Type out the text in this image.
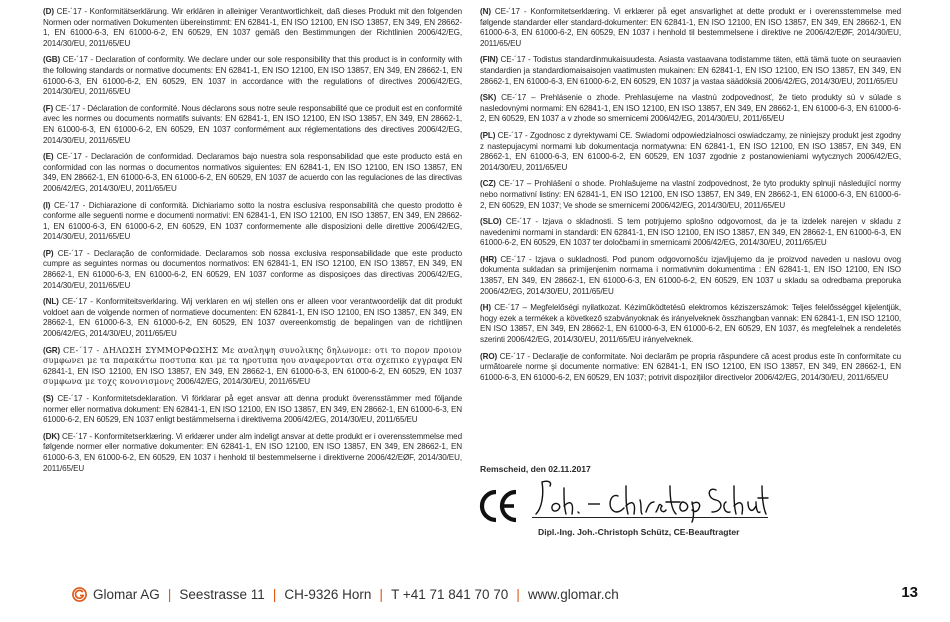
(D) CE-´17 - Konformitätserklärung. Wir erklären in alleiniger Verantwortlichkeit, daß dieses Produkt mit den folgenden Normen oder normativen Dokumenten übereinstimmt: EN 62841-1, EN ISO 12100, EN ISO 13857, EN 349, EN 28662-1, EN 61000-6-3, EN 61000-6-2, EN 60529, EN 1037 gemäß den Bestimmungen der Richtlinien 2006/42/EG, 2014/30/EU, 2011/65/EU

(GB) CE-´17 - Declaration of conformity. We declare under our sole responsibility that this product is in conformity with the following standards or normative documents: EN 62841-1, EN ISO 12100, EN ISO 13857, EN 349, EN 28662-1, EN 61000-6-3, EN 61000-6-2, EN 60529, EN 1037 in accordance with the regulations of directives 2006/42/EG, 2014/30/EU, 2011/65/EU

(F) CE-´17 - Déclaration de conformité. Nous déclarons sous notre seule responsabilité que ce produit est en conformité avec les normes ou documents normatifs suivants: EN 62841-1, EN ISO 12100, EN ISO 13857, EN 349, EN 28662-1, EN 61000-6-3, EN 61000-6-2, EN 60529, EN 1037 conformément aux réglementations des directives 2006/42/EG, 2014/30/EU, 2011/65/EU

(E) CE-´17 - Declaración de conformidad. Declaramos bajo nuestra sola responsabilidad que este producto está en conformidad con las normas o documentos normativos siguientes: EN 62841-1, EN ISO 12100, EN ISO 13857, EN 349, EN 28662-1, EN 61000-6-3, EN 61000-6-2, EN 60529, EN 1037 de acuerdo con las regulaciones de las directivas 2006/42/EG, 2014/30/EU, 2011/65/EU

(I) CE-´17 - Dichiarazione di conformità. Dichiariamo sotto la nostra esclusiva responsabilità che questo prodotto è conforme alle seguenti norme e documenti normativi: EN 62841-1, EN ISO 12100, EN ISO 13857, EN 349, EN 28662-1, EN 61000-6-3, EN 61000-6-2, EN 60529, EN 1037 conformemente alle disposizioni delle direttive 2006/42/EG, 2014/30/EU, 2011/65/EU

(P) CE-´17 - Declaração de conformidade. Declaramos sob nossa exclusiva responsabilidade que este producto cumpre as seguintes normas ou documentos normativos: EN 62841-1, EN ISO 12100, EN ISO 13857, EN 349, EN 28662-1, EN 61000-6-3, EN 61000-6-2, EN 60529, EN 1037 conforme as disposiçoes das directivas 2006/42/EG, 2014/30/EU, 2011/65/EU

(NL) CE-´17 - Konformiteitsverklaring. Wij verklaren en wij stellen ons er alleen voor verantwoordelijk dat dit produkt voldoet aan de volgende normen of normatieve documenten: EN 62841-1, EN ISO 12100, EN ISO 13857, EN 349, EN 28662-1, EN 61000-6-3, EN 61000-6-2, EN 60529, EN 1037 overeenkomstig de bepalingen van de richtlijnen 2006/42/EG, 2014/30/EU, 2011/65/EU

(GR) CE-´17 - ΔΗΛΩΣΗ ΣΥΜΜΟΡΦΩΣΗΣ Με αναληψη συνολικης δηλωνομε: οτι το πορον προιον συμφωνει με τα παρακάτω ποστυπα και με τα ηροτυπα ηου αναφερονται στα σχεπικο εγγραφα EN 62841-1, EN ISO 12100, EN ISO 13857, EN 349, EN 28662-1, EN 61000-6-3, EN 61000-6-2, EN 60529, EN 1037 συμφωνα με τοχς κονονισμονς 2006/42/EG, 2014/30/EU, 2011/65/EU

(S) CE-´17 - Konformitetsdeklaration. Vi förklarar på eget ansvar att denna produkt överensstämmer med följande normer eller normativa dokument: EN 62841-1, EN ISO 12100, EN ISO 13857, EN 349, EN 28662-1, EN 61000-6-3, EN 61000-6-2, EN 60529, EN 1037 enligt bestämmelserna i direktiverna 2006/42/EG, 2014/30/EU, 2011/65/EU

(DK) CE-´17 - Konformitetserklæring. Vi erklærer under alm indeligt ansvar at dette produkt er i overensstemmelse med følgende normer eller normative dokumenter: EN 62841-1, EN ISO 12100, EN ISO 13857, EN 349, EN 28662-1, EN 61000-6-3, EN 61000-6-2, EN 60529, EN 1037 i henhold til bestemmelserne i direktiverne 2006/42/EØF, 2014/30/EU, 2011/65/EU

(N) CE-´17 - Konformitetserklæring. Vi erklærer på eget ansvarlighet at dette produkt er i overensstemmelse med følgende standarder eller standard-dokumenter: EN 62841-1, EN ISO 12100, EN ISO 13857, EN 349, EN 28662-1, EN 61000-6-3, EN 61000-6-2, EN 60529, EN 1037 i henhold til bestemmelsene i direktive ne 2006/42/EØF, 2014/30/EU, 2011/65/EU

(FIN) CE-´17 - Todistus standardinmukaisuudesta. Asiasta vastaavana todistamme täten, että tämä tuote on seuraavien standardien ja standardiomaisaisojen vaatimusten mukainen: EN 62841-1, EN ISO 12100, EN ISO 13857, EN 349, EN 28662-1, EN 61000-6-3, EN 61000-6-2, EN 60529, EN 1037 ja vastaa säädöksiä 2006/42/EG, 2014/30/EU, 2011/65/EU

(SK) CE-´17 – Prehlásenie o zhode. Prehlasujeme na vlastnú zodpovednosť, že tieto produkty sú v súlade s nasledovnými normami: EN 62841-1, EN ISO 12100, EN ISO 13857, EN 349, EN 28662-1, EN 61000-6-3, EN 61000-6-2, EN 60529, EN 1037 a v zhode so smernicemi 2006/42/EG, 2014/30/EU, 2011/65/EU

(PL) CE-´17 - Zgodnosc z dyrektywami CE. Swiadomi odpowiedzialnosci oswiadczamy, ze niniejszy produkt jest zgodny z nastepujacymi normami lub dokumentacja normatywna: EN 62841-1, EN ISO 12100, EN ISO 13857, EN 349, EN 28662-1, EN 61000-6-3, EN 61000-6-2, EN 60529, EN 1037 zgodnie z postanowieniami wytycznych 2006/42/EG, 2014/30/EU, 2011/65/EU

(CZ) CE-´17 – Prohlášení o shode. Prohlašujeme na vlastní zodpovednost, že tyto produkty splnují následující normy nebo normativní listiny: EN 62841-1, EN ISO 12100, EN ISO 13857, EN 349, EN 28662-1, EN 61000-6-3, EN 61000-6-2, EN 60529, EN 1037; Ve shode se smernicemi 2006/42/EG, 2014/30/EU, 2011/65/EU

(SLO) CE-´17 - Izjava o skladnosti. S tem potrjujemo splošno odgovornost, da je ta izdelek narejen v skladu z navedenimi normami in standardi: EN 62841-1, EN ISO 12100, EN ISO 13857, EN 349, EN 28662-1, EN 61000-6-3, EN 61000-6-2, EN 60529, EN 1037 ter določbami in smernicami 2006/42/EG, 2014/30/EU, 2011/65/EU

(HR) CE-´17 - Izjava o sukladnosti. Pod punom odgovornošću izjavljujemo da je proizvod naveden u naslovu ovog dokumenta sukladan sa primijenjenim normama i normativnim dokumentima : EN 62841-1, EN ISO 12100, EN ISO 13857, EN 349, EN 28662-1, EN 61000-6-3, EN 61000-6-2, EN 60529, EN 1037 u skladu sa odredbama preporuka 2006/42/EG, 2014/30/EU, 2011/65/EU

(H) CE-´17 – Megfelelőségi nyilatkozat. Kézimûködtetésû elektromos kéziszerszámok: Teljes felelősséggel kijelentjük, hogy ezek a termékek a következő szabványoknak és irányelveknek összhangban vannak: EN 62841-1, EN ISO 12100, EN ISO 13857, EN 349, EN 28662-1, EN 61000-6-3, EN 61000-6-2, EN 60529, EN 1037, és megfelelnek a rendeletés szerinti 2006/42/EG, 2014/30/EU, 2011/65/EU irányelveknek.

(RO) CE-´17 - Declaraţie de conformitate. Noi declarăm pe propria răspundere că acest produs este în conformitate cu următoarele norme şi documente normative: EN 62841-1, EN ISO 12100, EN ISO 13857, EN 349, EN 28662-1, EN 61000-6-3, EN 61000-6-2, EN 60529, EN 1037; potrivit dispoziţiilor directivelor 2006/42/EG, 2014/30/EU, 2011/65/EU

Remscheid, den 02.11.2017
Dipl.-Ing. Joh.-Christoph Schütz, CE-Beauftragter
Glomar AG | Seestrasse 11 | CH-9326 Horn | T +41 71 841 70 70 | www.glomar.ch	13
